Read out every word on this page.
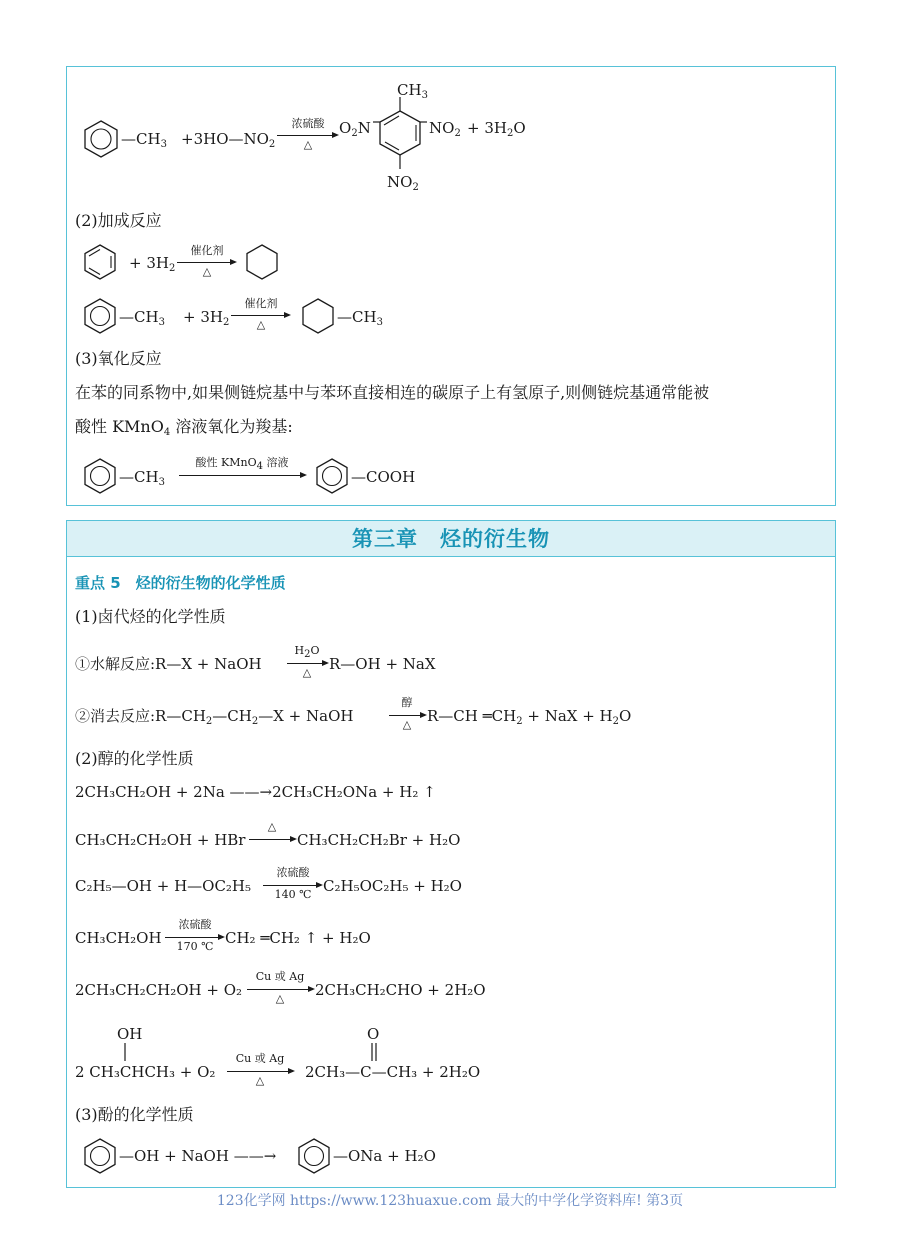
$—CH_3$ $+3HO—NO_2$
浓硫酸
△
$O_2N$
$CH_3$
$NO_2 + 3H_2O$
$NO_2$
(2)加成反应
+ $3H_2$
催化剂
△
$—CH_3 + 3H_2$
催化剂
△	$—CH_3$
(3)氧化反应
在苯的同系物中,如果侧链烷基中与苯环直接相连的碳原子上有氢原子,则侧链烷基通常能被
酸性 KMnO$_4$ 溶液氧化为羧基:
$—CH_3$
酸性 KMnO$_4$ 溶液
—COOH
第三章　烃的衍生物
重点 5　烃的衍生物的化学性质
(1)卤代烃的化学性质
①水解反应:R—X + NaOH
$H_2O$
△	R—OH + NaX
②消去反应$:R—CH_2—CH_2—X$ + NaOH
醇
△	R—CH $═CH_2$ + NaX + $H_2O$
(2)醇的化学性质
2CH₃CH₂OH + 2Na ——→2CH₃CH₂ONa + H₂ ↑
CH₃CH₂CH₂OH + HBr
△
→ CH₃CH₂CH₂Br + H₂O
C₂H₅—OH + H—OC₂H₅
浓硫酸
140 ℃ C₂H₅OC₂H₅ + H₂O
CH₃CH₂OH
浓硫酸
170 ℃ CH₂ ═CH₂ ↑ + H₂O
2CH₃CH₂CH₂OH + O₂
Cu 或 Ag
△	2CH₃CH₂CHO + 2H₂O
OH
2 CH₃CHCH₃ + O₂
Cu 或 Ag
△
O
2CH₃—C—CH₃ + 2H₂O
(3)酚的化学性质
—OH + NaOH ——→	—ONa + H₂O
123化学网 https://www.123huaxue.com 最大的中学化学资料库! 第3页
